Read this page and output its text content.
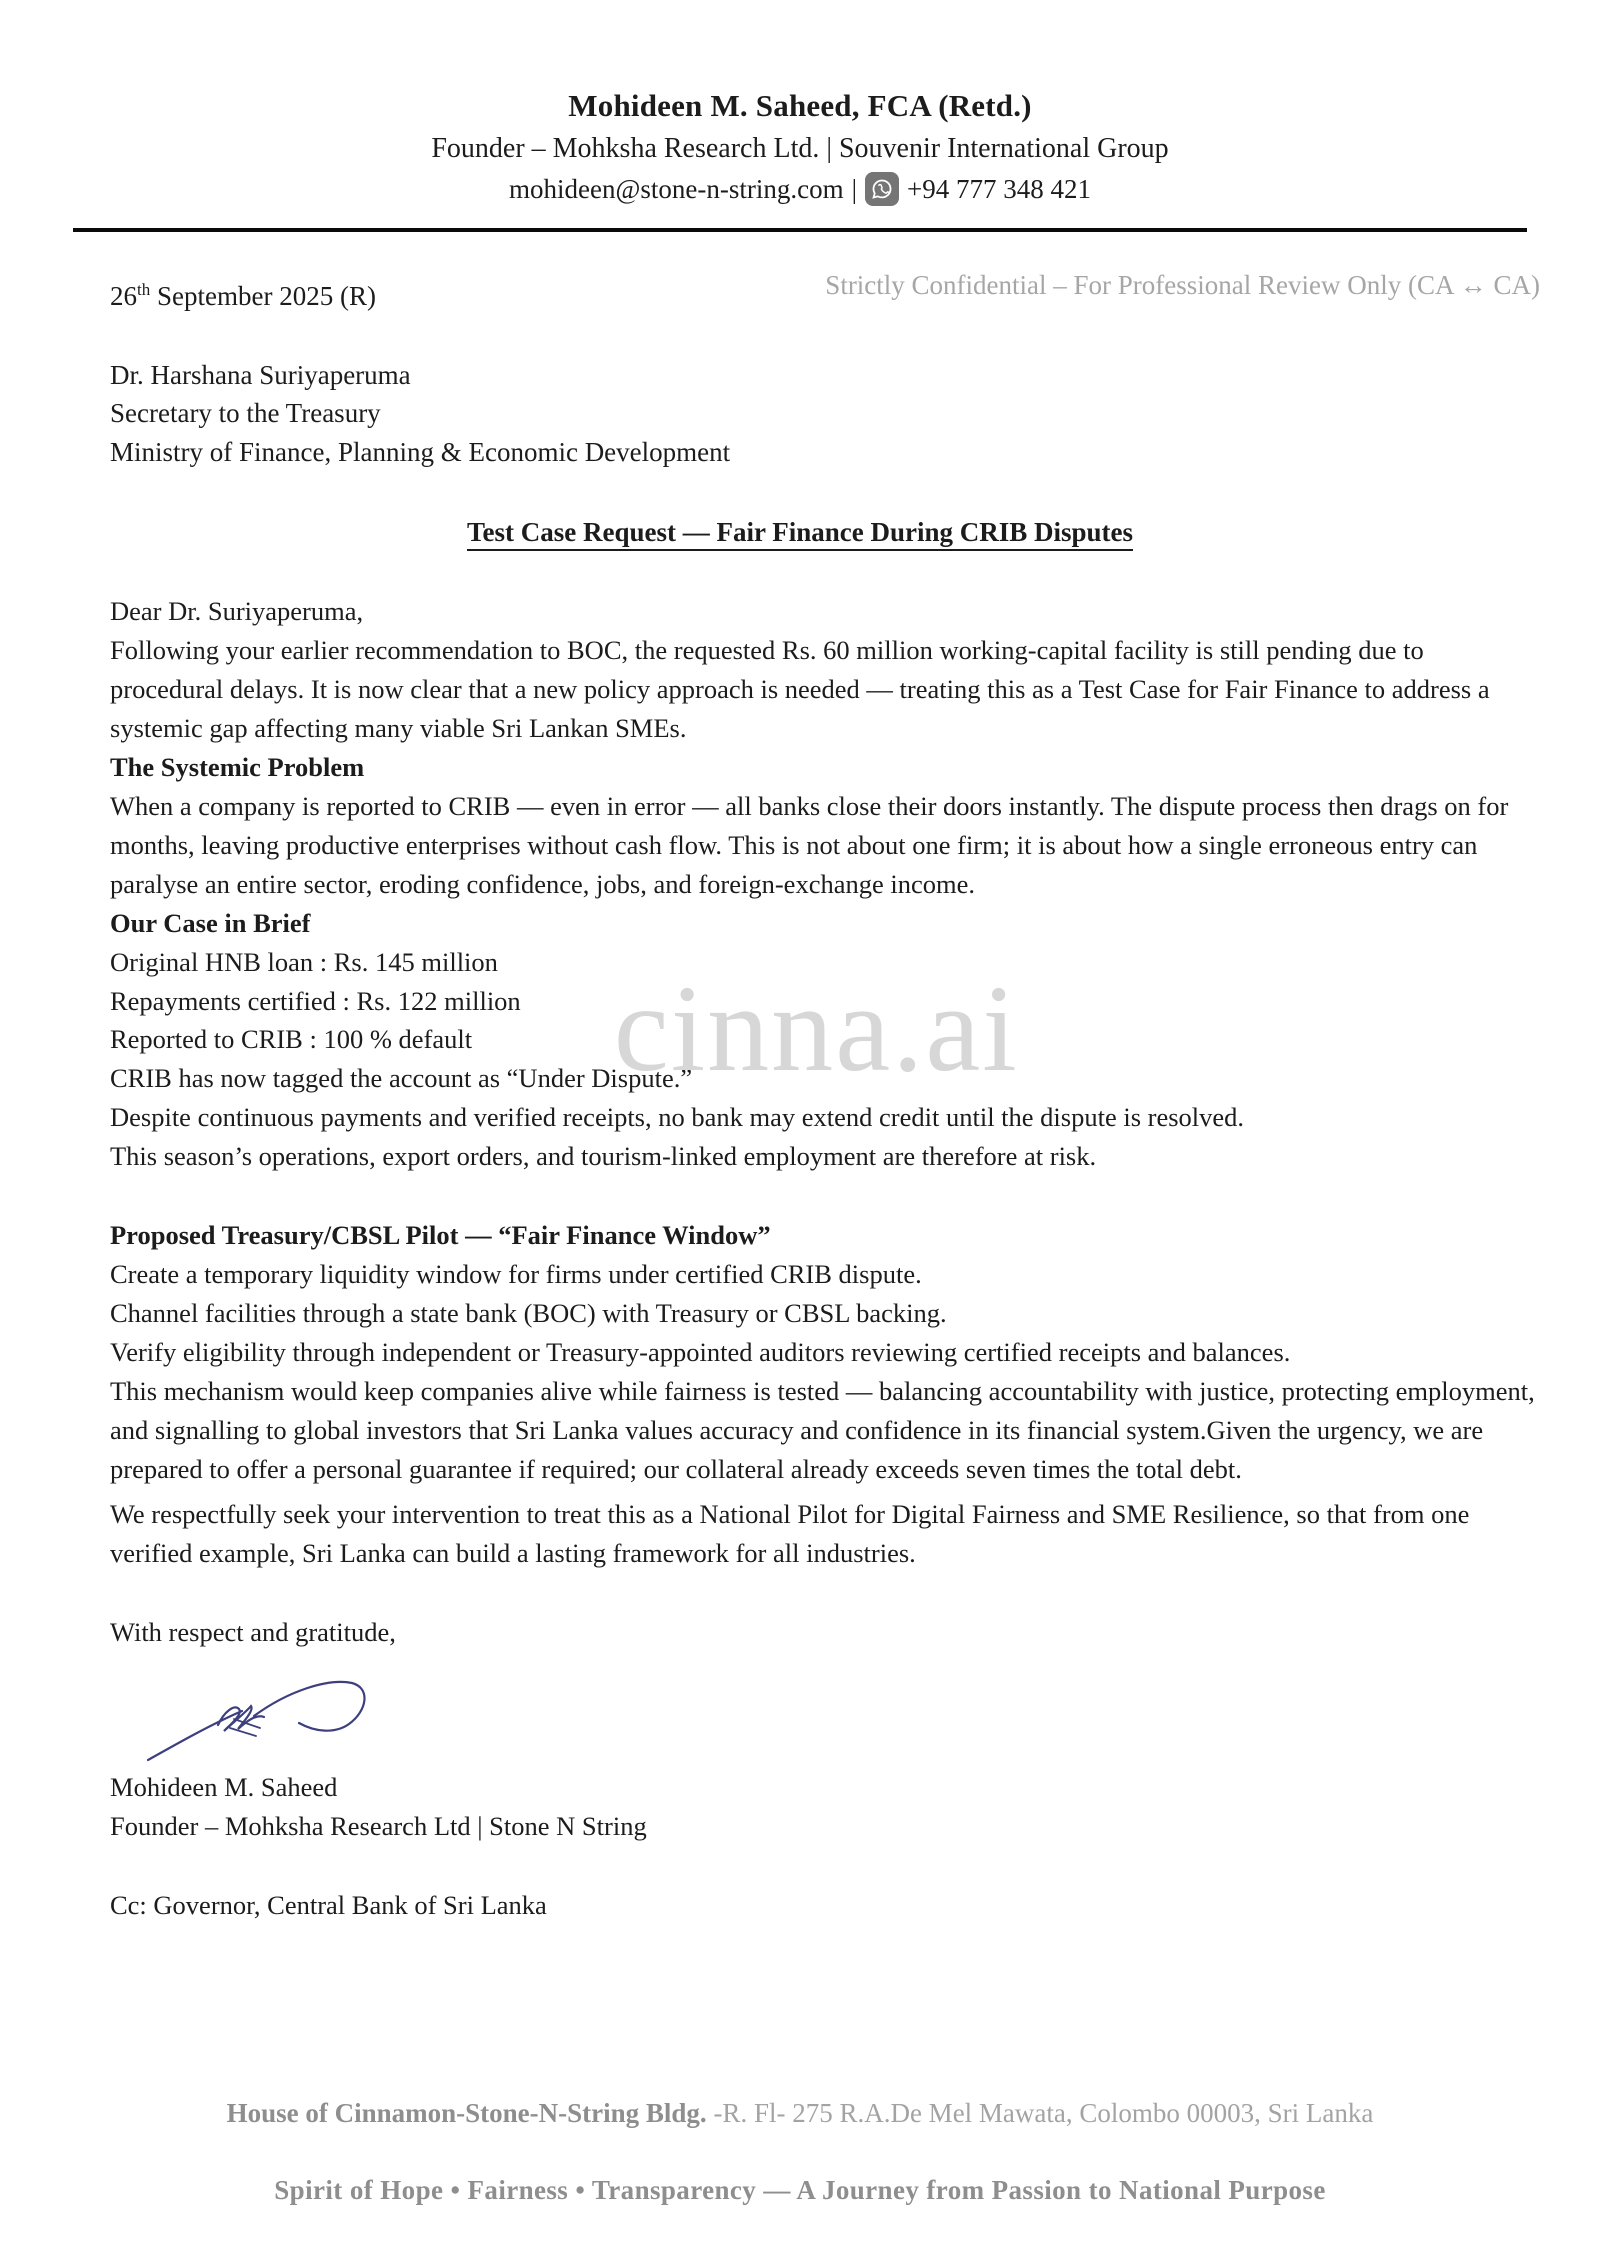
cinna.ai
Mohideen M. Saheed, FCA (Retd.)
Founder – Mohksha Research Ltd. | Souvenir International Group
mohideen@stone-n-string.com | +94 777 348 421
26th September 2025 (R)	Strictly Confidential – For Professional Review Only (CA ↔ CA)
Dr. Harshana Suriyaperuma
Secretary to the Treasury
Ministry of Finance, Planning & Economic Development
Test Case Request — Fair Finance During CRIB Disputes
Dear Dr. Suriyaperuma,
Following your earlier recommendation to BOC, the requested Rs. 60 million working-capital facility is still pending due to procedural delays. It is now clear that a new policy approach is needed — treating this as a Test Case for Fair Finance to address a systemic gap affecting many viable Sri Lankan SMEs.
The Systemic Problem
When a company is reported to CRIB — even in error — all banks close their doors instantly. The dispute process then drags on for months, leaving productive enterprises without cash flow. This is not about one firm; it is about how a single erroneous entry can paralyse an entire sector, eroding confidence, jobs, and foreign-exchange income.
Our Case in Brief
Original HNB loan : Rs. 145 million
Repayments certified : Rs. 122 million
Reported to CRIB : 100 % default
CRIB has now tagged the account as “Under Dispute.”
Despite continuous payments and verified receipts, no bank may extend credit until the dispute is resolved.
This season’s operations, export orders, and tourism-linked employment are therefore at risk.
Proposed Treasury/CBSL Pilot — “Fair Finance Window”
Create a temporary liquidity window for firms under certified CRIB dispute.
Channel facilities through a state bank (BOC) with Treasury or CBSL backing.
Verify eligibility through independent or Treasury-appointed auditors reviewing certified receipts and balances.
This mechanism would keep companies alive while fairness is tested — balancing accountability with justice, protecting employment, and signalling to global investors that Sri Lanka values accuracy and confidence in its financial system.Given the urgency, we are prepared to offer a personal guarantee if required; our collateral already exceeds seven times the total debt.
We respectfully seek your intervention to treat this as a National Pilot for Digital Fairness and SME Resilience, so that from one verified example, Sri Lanka can build a lasting framework for all industries.
With respect and gratitude,
Mohideen M. Saheed
Founder – Mohksha Research Ltd | Stone N String
Cc: Governor, Central Bank of Sri Lanka
House of Cinnamon-Stone-N-String Bldg. -R. Fl- 275 R.A.De Mel Mawata, Colombo 00003, Sri Lanka
Spirit of Hope • Fairness • Transparency — A Journey from Passion to National Purpose
